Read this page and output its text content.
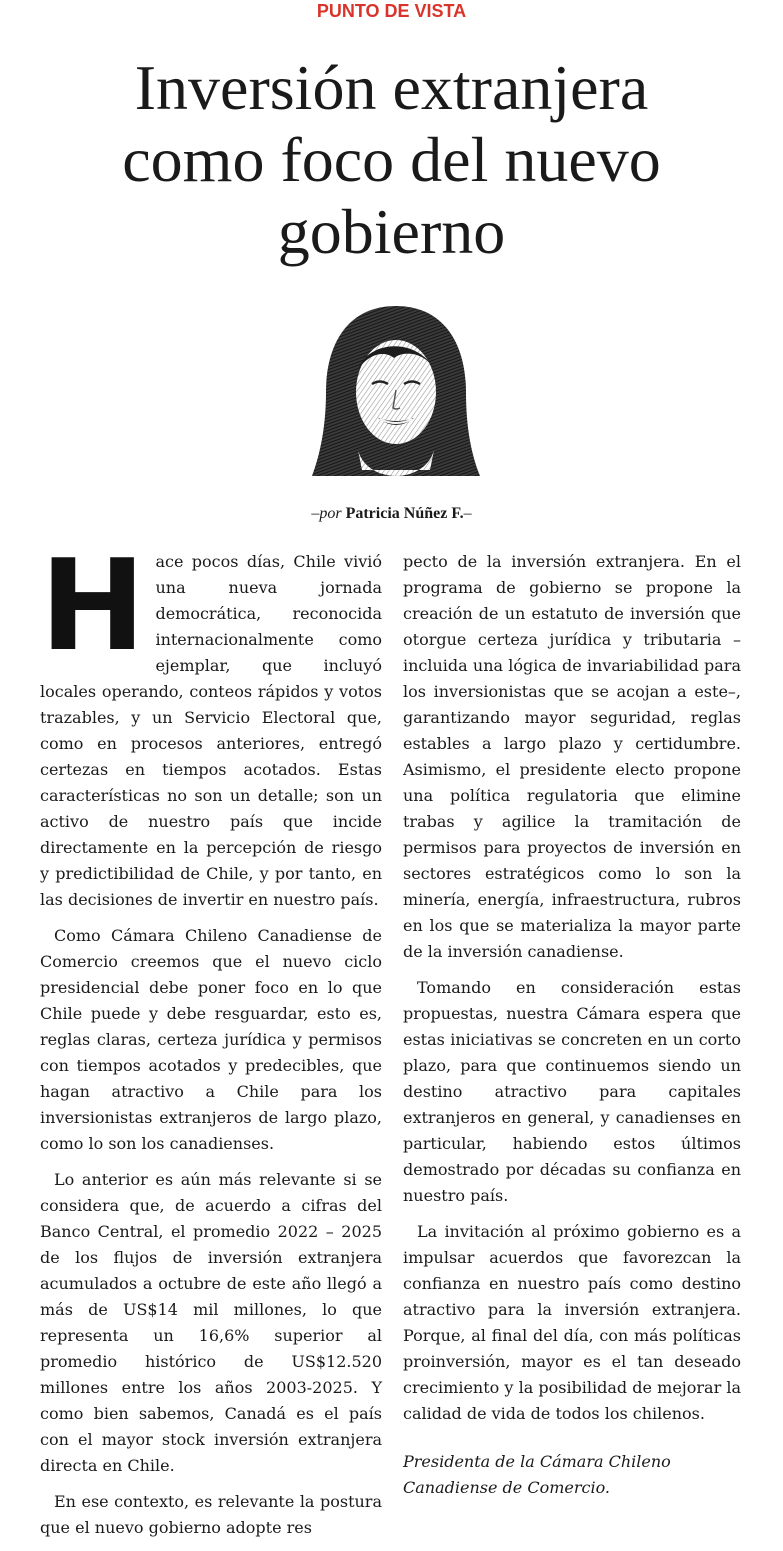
PUNTO DE VISTA
Inversión extranjera
como foco del nuevo
gobierno
–por Patricia Núñez F.–

Hace pocos días, Chile vivió una nueva jornada democrática, reconocida internacionalmente como ejemplar, que incluyó locales operando, conteos rápidos y votos trazables, y un Servicio Electoral que, como en procesos anteriores, entregó certezas en tiempos acotados. Estas características no son un detalle; son un activo de nuestro país que incide directamente en la percepción de riesgo y predictibilidad de Chile, y por tanto, en las decisiones de invertir en nuestro país.

Como Cámara Chileno Canadiense de Comercio creemos que el nuevo ciclo presidencial debe poner foco en lo que Chile puede y debe resguardar, esto es, reglas claras, certeza jurídica y permisos con tiempos acotados y predecibles, que hagan atractivo a Chile para los inversionistas extranjeros de largo plazo, como lo son los canadienses.

Lo anterior es aún más relevante si se considera que, de acuerdo a cifras del Banco Central, el promedio 2022 – 2025 de los flujos de inversión extranjera acumulados a octubre de este año llegó a más de US$14 mil millones, lo que representa un 16,6% superior al promedio histórico de US$12.520 millones entre los años 2003-2025. Y como bien sabemos, Canadá es el país con el mayor stock inversión extranjera directa en Chile.

En ese contexto, es relevante la postura que el nuevo gobierno adopte res

pecto de la inversión extranjera. En el programa de gobierno se propone la creación de un estatuto de inversión que otorgue certeza jurídica y tributaria –incluida una lógica de invariabilidad para los inversionistas que se acojan a este–, garantizando mayor seguridad, reglas estables a largo plazo y certidumbre. Asimismo, el presidente electo propone una política regulatoria que elimine trabas y agilice la tramitación de permisos para proyectos de inversión en sectores estratégicos como lo son la minería, energía, infraestructura, rubros en los que se materializa la mayor parte de la inversión canadiense.

Tomando en consideración estas propuestas, nuestra Cámara espera que estas iniciativas se concreten en un corto plazo, para que continuemos siendo un destino atractivo para capitales extranjeros en general, y canadienses en particular, habiendo estos últimos demostrado por décadas su confianza en nuestro país.

La invitación al próximo gobierno es a impulsar acuerdos que favorezcan la confianza en nuestro país como destino atractivo para la inversión extranjera. Porque, al final del día, con más políticas proinversión, mayor es el tan deseado crecimiento y la posibilidad de mejorar la calidad de vida de todos los chilenos.

Presidenta de la Cámara Chileno Canadiense de Comercio.
